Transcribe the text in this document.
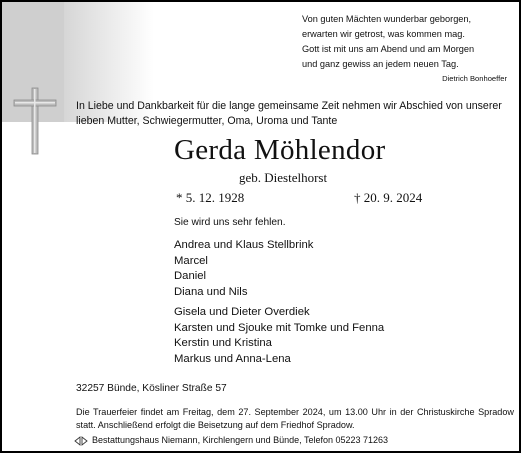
Von guten Mächten wunderbar geborgen,
erwarten wir getrost, was kommen mag.
Gott ist mit uns am Abend und am Morgen
und ganz gewiss an jedem neuen Tag.
Dietrich Bonhoeffer
In Liebe und Dankbarkeit für die lange gemeinsame Zeit nehmen wir Abschied von unserer lieben Mutter, Schwiegermutter, Oma, Uroma und Tante
Gerda Möhlendor
geb. Diestelhorst
* 5. 12. 1928	† 20. 9. 2024
Sie wird uns sehr fehlen.
Andrea und Klaus Stellbrink
Marcel
Daniel
Diana und Nils
Gisela und Dieter Overdiek
Karsten und Sjouke mit Tomke und Fenna
Kerstin und Kristina
Markus und Anna-Lena
32257 Bünde, Kösliner Straße 57
Die Trauerfeier findet am Freitag, dem 27. September 2024, um 13.00 Uhr in der Christuskirche Spradow statt. Anschließend erfolgt die Beisetzung auf dem Friedhof Spradow.
Bestattungshaus Niemann, Kirchlengern und Bünde, Telefon 05223 71263
